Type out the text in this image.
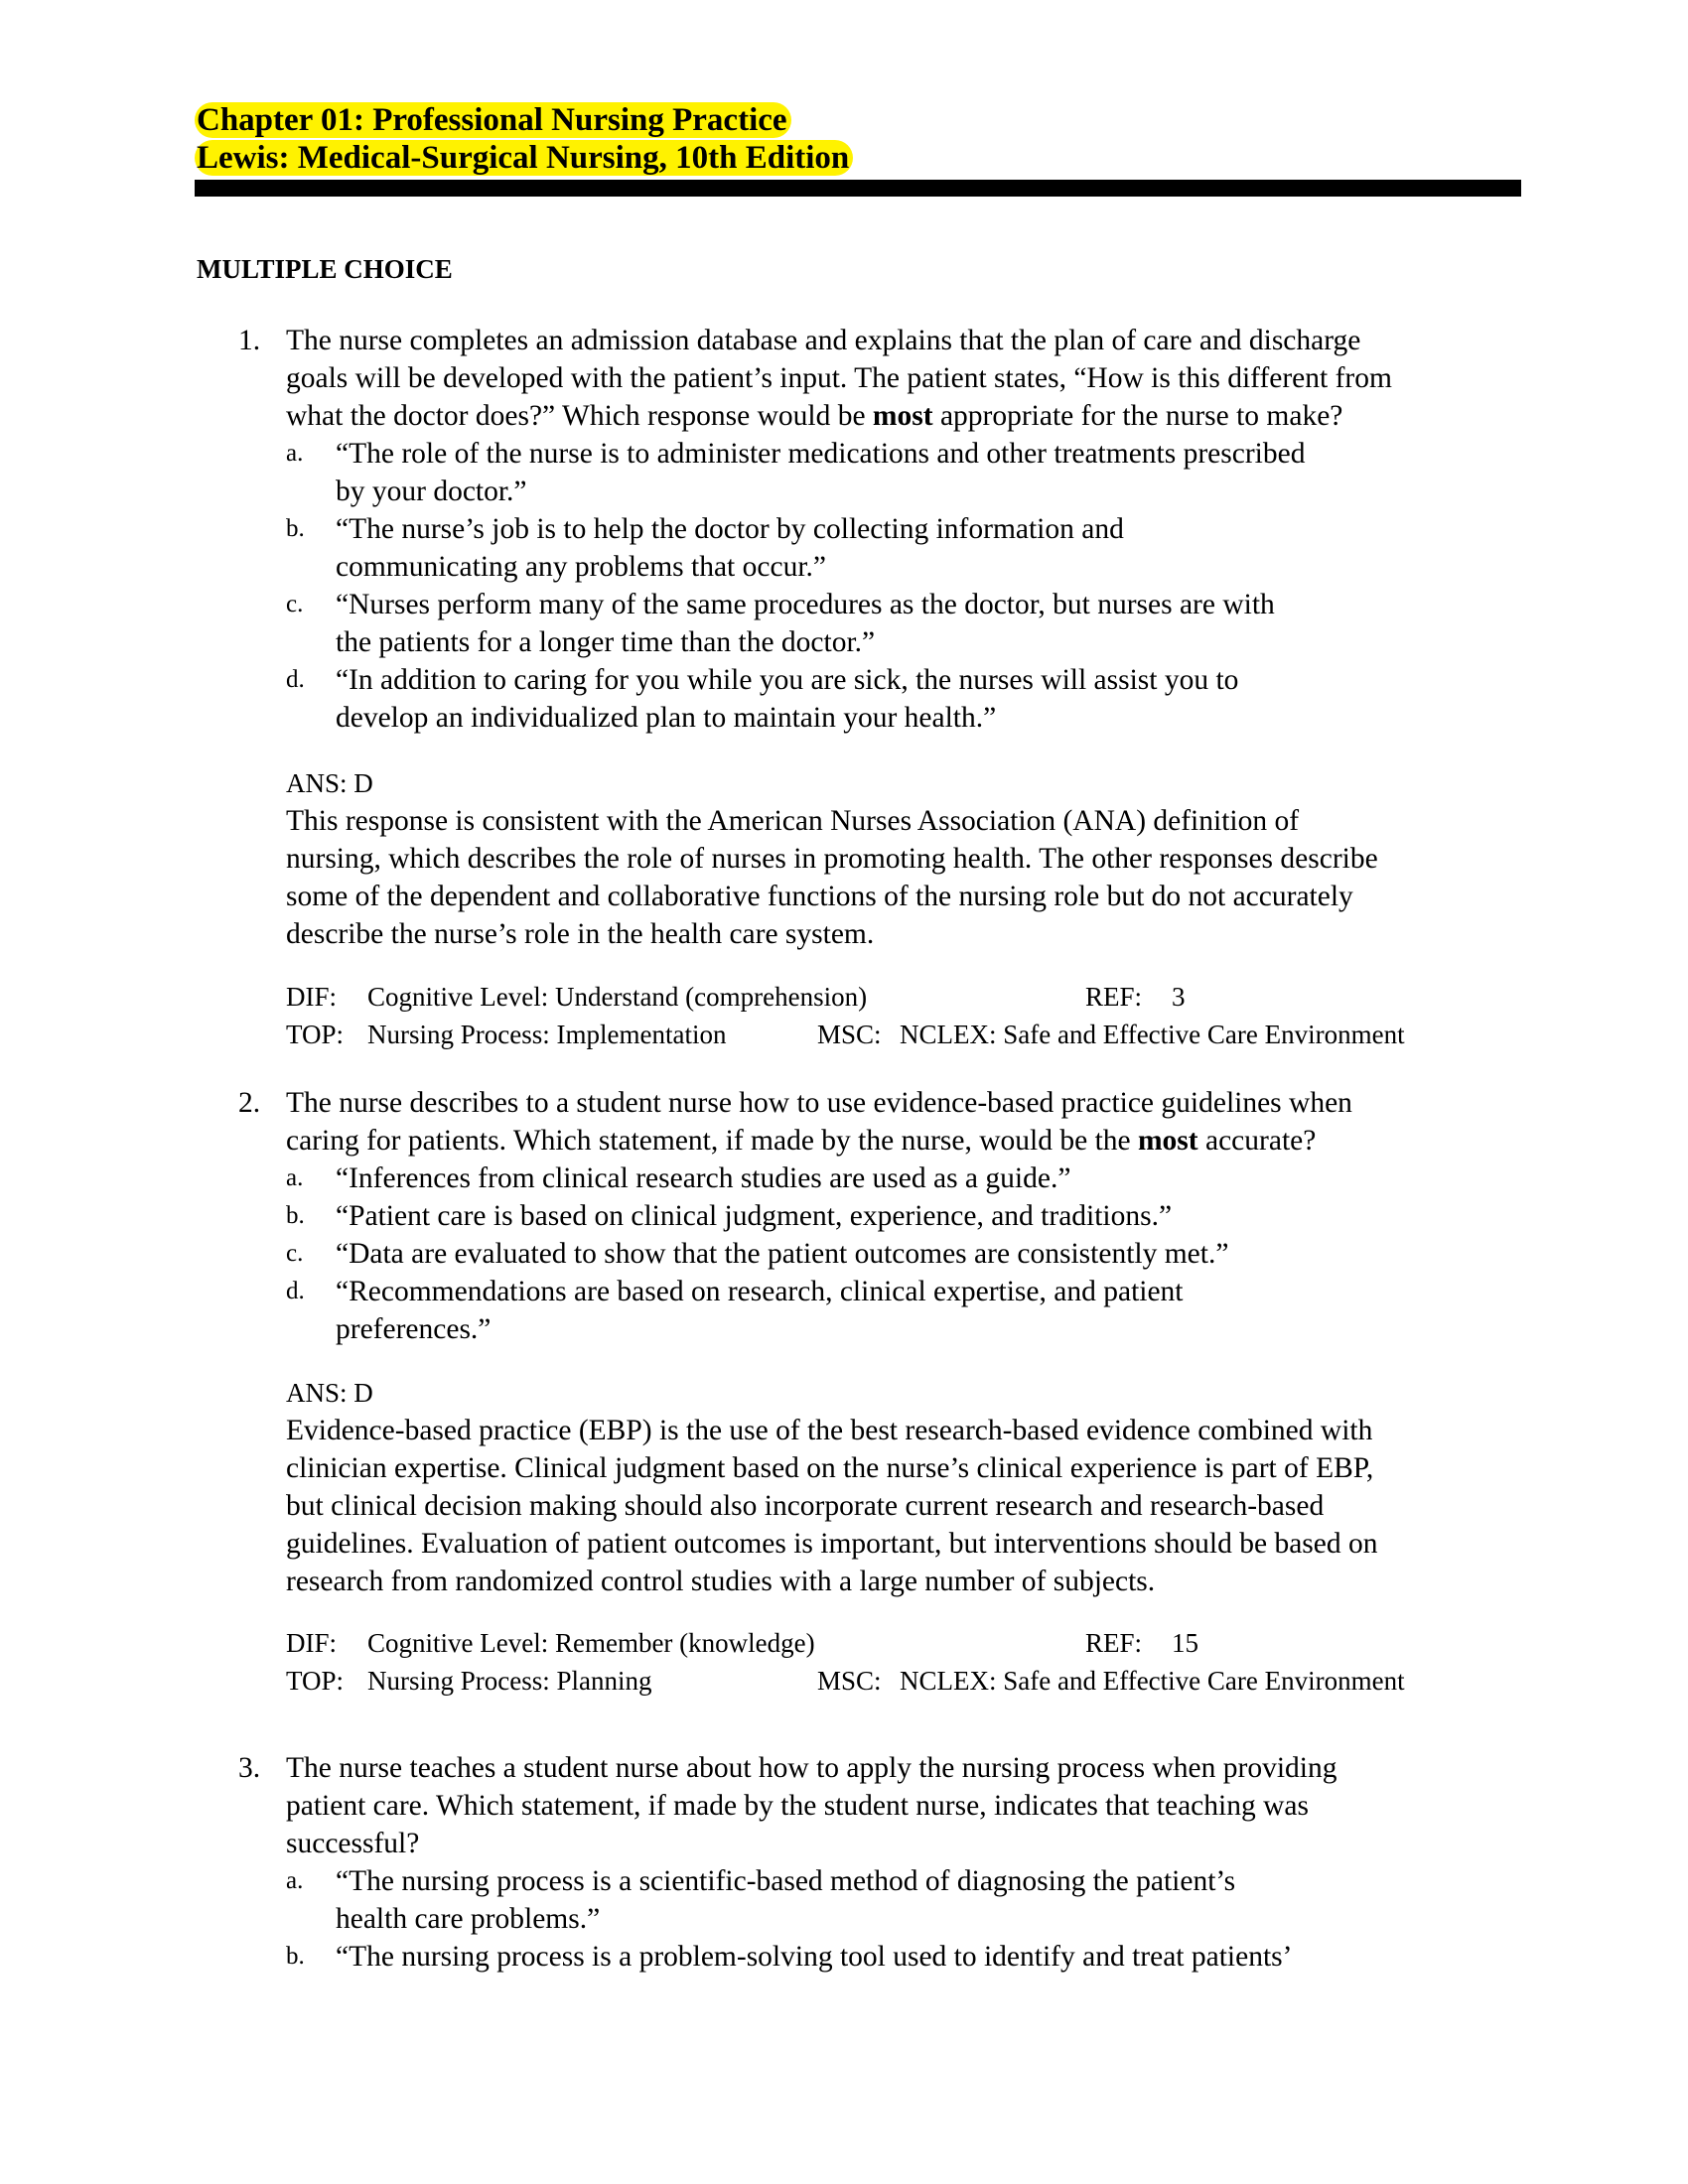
Chapter 01: Professional Nursing Practice
Lewis: Medical-Surgical Nursing, 10th Edition
MULTIPLE CHOICE
1. The nurse completes an admission database and explains that the plan of care and discharge
goals will be developed with the patient’s input. The patient states, “How is this different from
what the doctor does?” Which response would be most appropriate for the nurse to make?
a. “The role of the nurse is to administer medications and other treatments prescribed
by your doctor.”
b. “The nurse’s job is to help the doctor by collecting information and
communicating any problems that occur.”
c. “Nurses perform many of the same procedures as the doctor, but nurses are with
the patients for a longer time than the doctor.”
d. “In addition to caring for you while you are sick, the nurses will assist you to
develop an individualized plan to maintain your health.”
ANS: D
This response is consistent with the American Nurses Association (ANA) definition of
nursing, which describes the role of nurses in promoting health. The other responses describe
some of the dependent and collaborative functions of the nursing role but do not accurately
describe the nurse’s role in the health care system.
DIF: Cognitive Level: Understand (comprehension)	REF: 3
TOP: Nursing Process: Implementation	MSC: NCLEX: Safe and Effective Care Environment
2. The nurse describes to a student nurse how to use evidence-based practice guidelines when
caring for patients. Which statement, if made by the nurse, would be the most accurate?
a. “Inferences from clinical research studies are used as a guide.”
b. “Patient care is based on clinical judgment, experience, and traditions.”
c. “Data are evaluated to show that the patient outcomes are consistently met.”
d. “Recommendations are based on research, clinical expertise, and patient
preferences.”
ANS: D
Evidence-based practice (EBP) is the use of the best research-based evidence combined with
clinician expertise. Clinical judgment based on the nurse’s clinical experience is part of EBP,
but clinical decision making should also incorporate current research and research-based
guidelines. Evaluation of patient outcomes is important, but interventions should be based on
research from randomized control studies with a large number of subjects.
DIF: Cognitive Level: Remember (knowledge)	REF: 15
TOP: Nursing Process: Planning	MSC: NCLEX: Safe and Effective Care Environment
3. The nurse teaches a student nurse about how to apply the nursing process when providing
patient care. Which statement, if made by the student nurse, indicates that teaching was
successful?
a. “The nursing process is a scientific-based method of diagnosing the patient’s
health care problems.”
b. “The nursing process is a problem-solving tool used to identify and treat patients’
